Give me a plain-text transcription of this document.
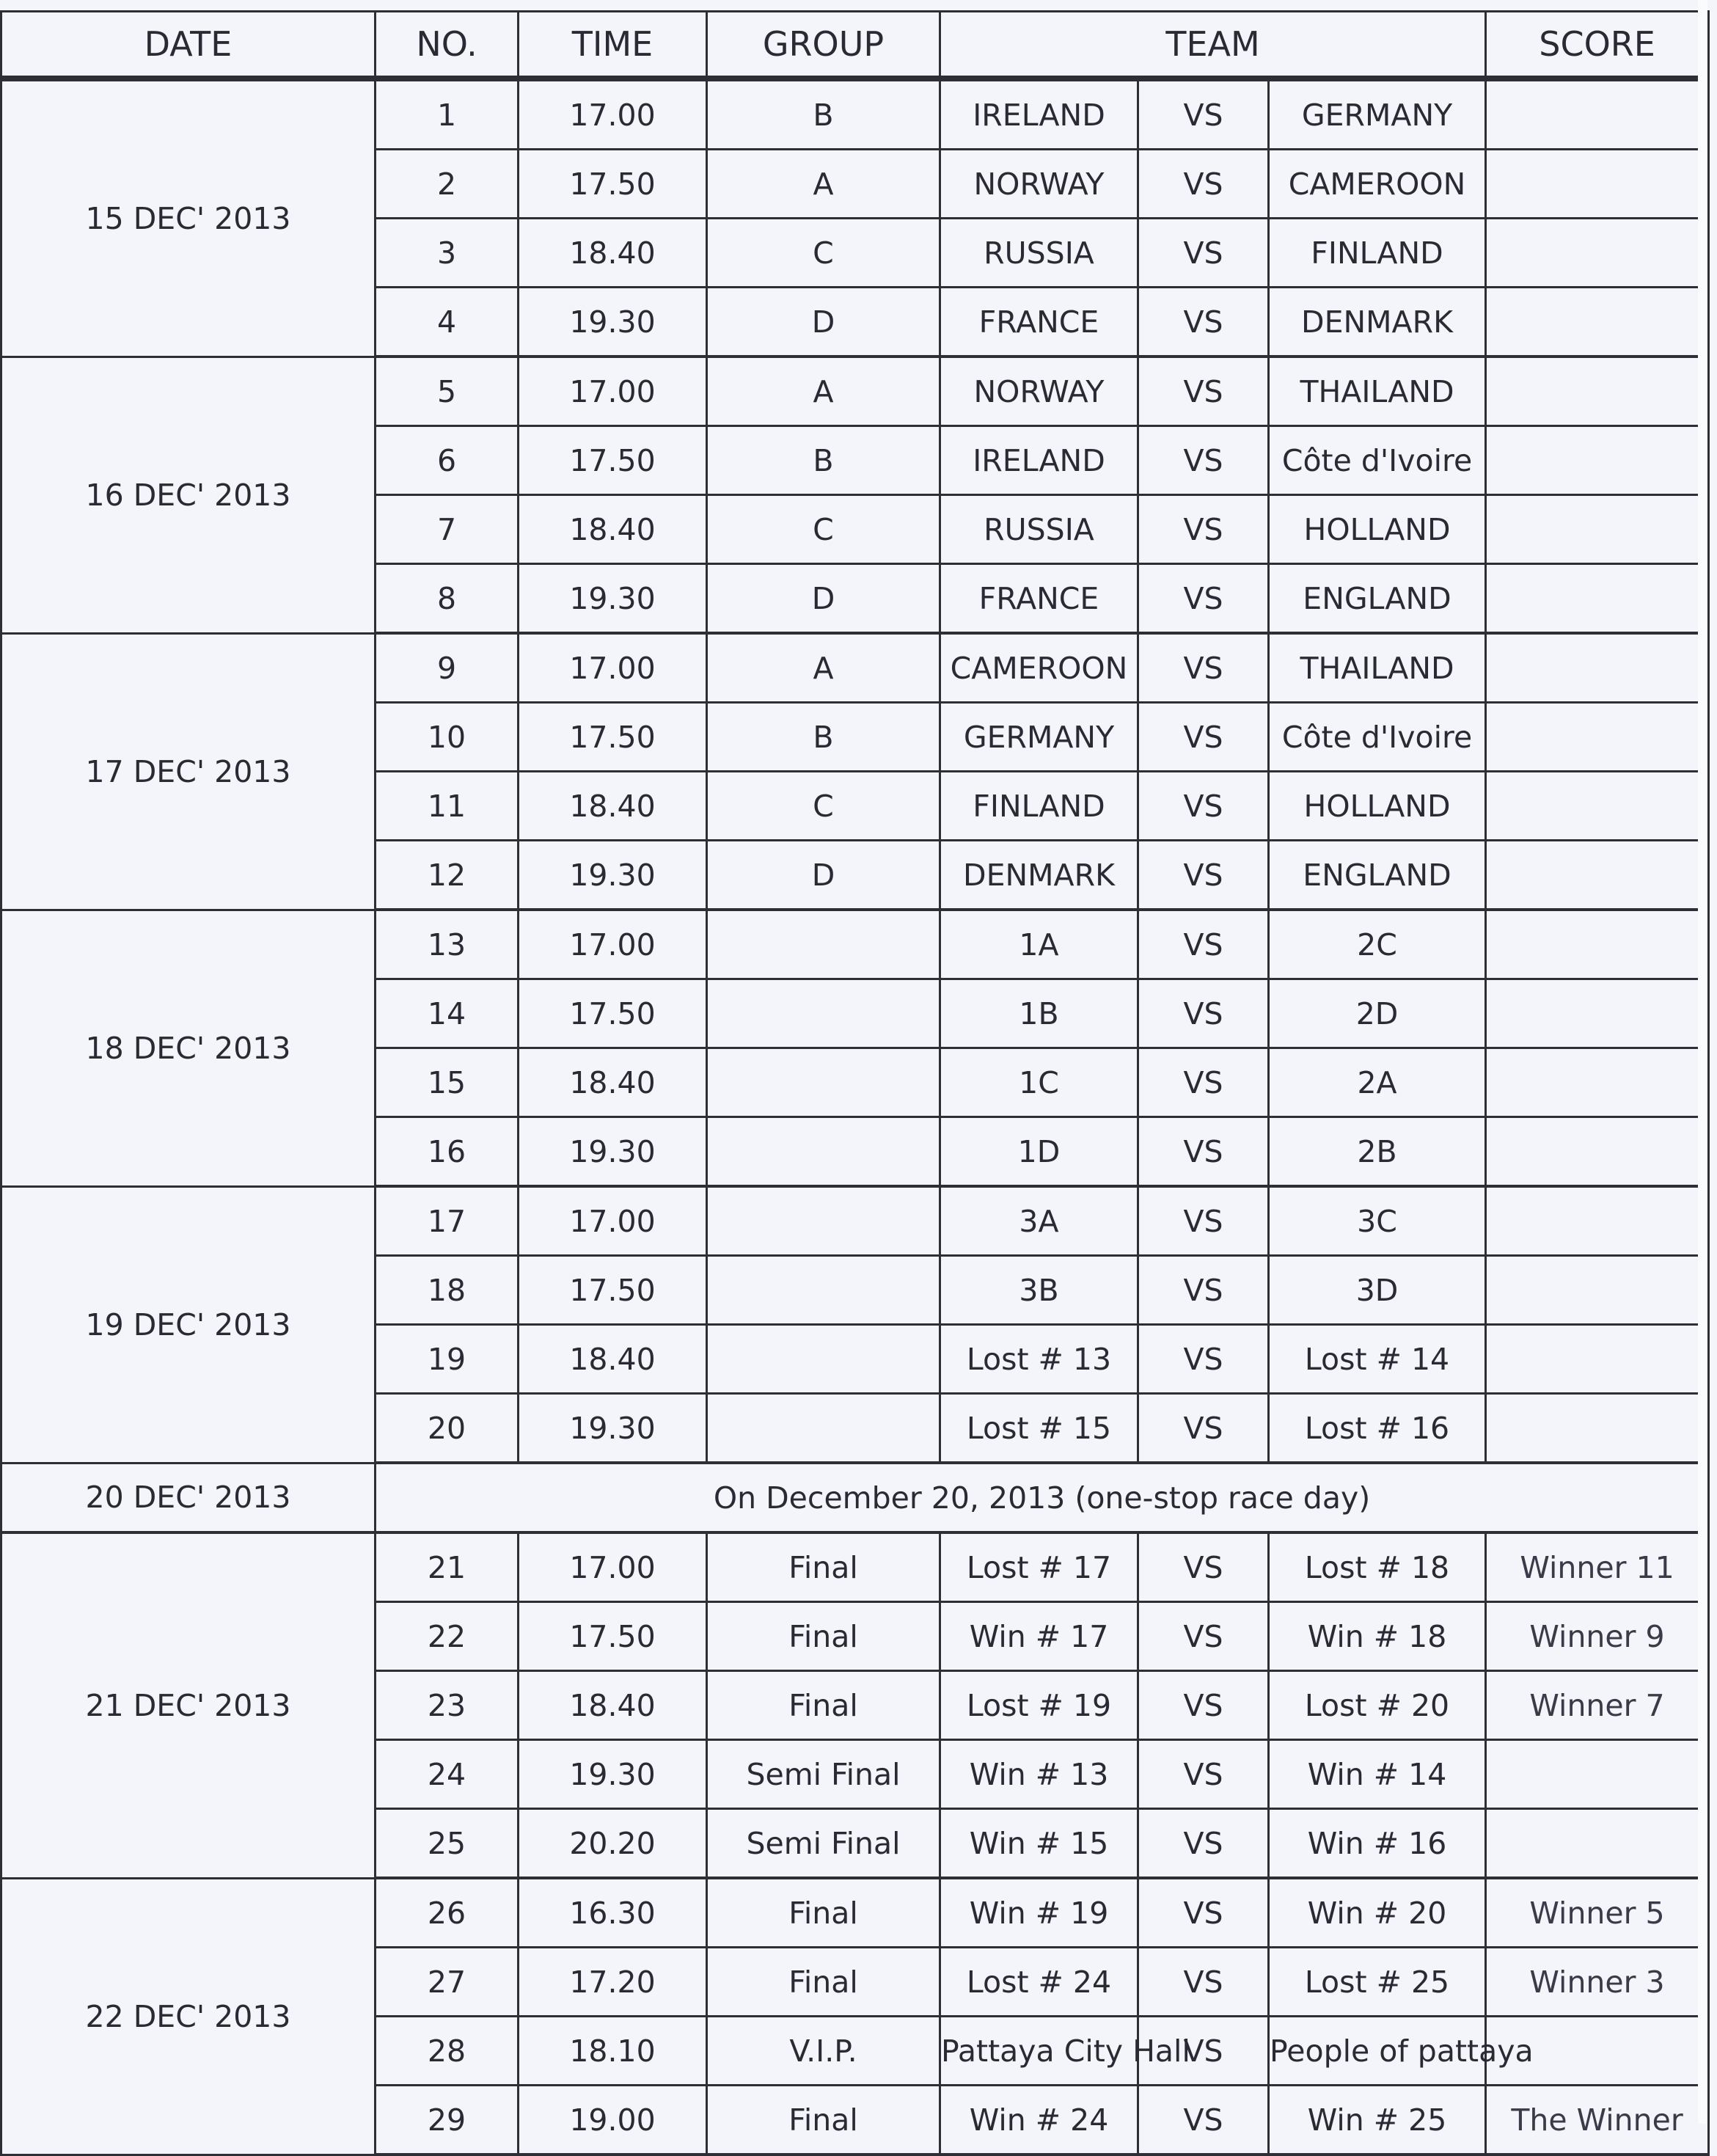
DATE	NO.	TIME	GROUP	TEAM			SCORE
15 DEC' 2013	1	17.00	B	IRELAND	VS	GERMANY	
	2	17.50	A	NORWAY	VS	CAMEROON	
	3	18.40	C	RUSSIA	VS	FINLAND	
	4	19.30	D	FRANCE	VS	DENMARK	
16 DEC' 2013	5	17.00	A	NORWAY	VS	THAILAND	
	6	17.50	B	IRELAND	VS	Côte d'Ivoire	
	7	18.40	C	RUSSIA	VS	HOLLAND	
	8	19.30	D	FRANCE	VS	ENGLAND	
17 DEC' 2013	9	17.00	A	CAMEROON	VS	THAILAND	
	10	17.50	B	GERMANY	VS	Côte d'Ivoire	
	11	18.40	C	FINLAND	VS	HOLLAND	
	12	19.30	D	DENMARK	VS	ENGLAND	
18 DEC' 2013	13	17.00		1A	VS	2C	
	14	17.50		1B	VS	2D	
	15	18.40		1C	VS	2A	
	16	19.30		1D	VS	2B	
19 DEC' 2013	17	17.00		3A	VS	3C	
	18	17.50		3B	VS	3D	
	19	18.40		Lost # 13	VS	Lost # 14	
	20	19.30		Lost # 15	VS	Lost # 16	
20 DEC' 2013	On December 20, 2013 (one-stop race day)						
21 DEC' 2013	21	17.00	Final	Lost # 17	VS	Lost # 18	Winner 11
	22	17.50	Final	Win # 17	VS	Win # 18	Winner 9
	23	18.40	Final	Lost # 19	VS	Lost # 20	Winner 7
	24	19.30	Semi Final	Win # 13	VS	Win # 14	
	25	20.20	Semi Final	Win # 15	VS	Win # 16	
22 DEC' 2013	26	16.30	Final	Win # 19	VS	Win # 20	Winner 5
	27	17.20	Final	Lost # 24	VS	Lost # 25	Winner 3
	28	18.10	V.I.P.	Pattaya City Hall	VS	People of pattaya	
	29	19.00	Final	Win # 24	VS	Win # 25	The Winner
